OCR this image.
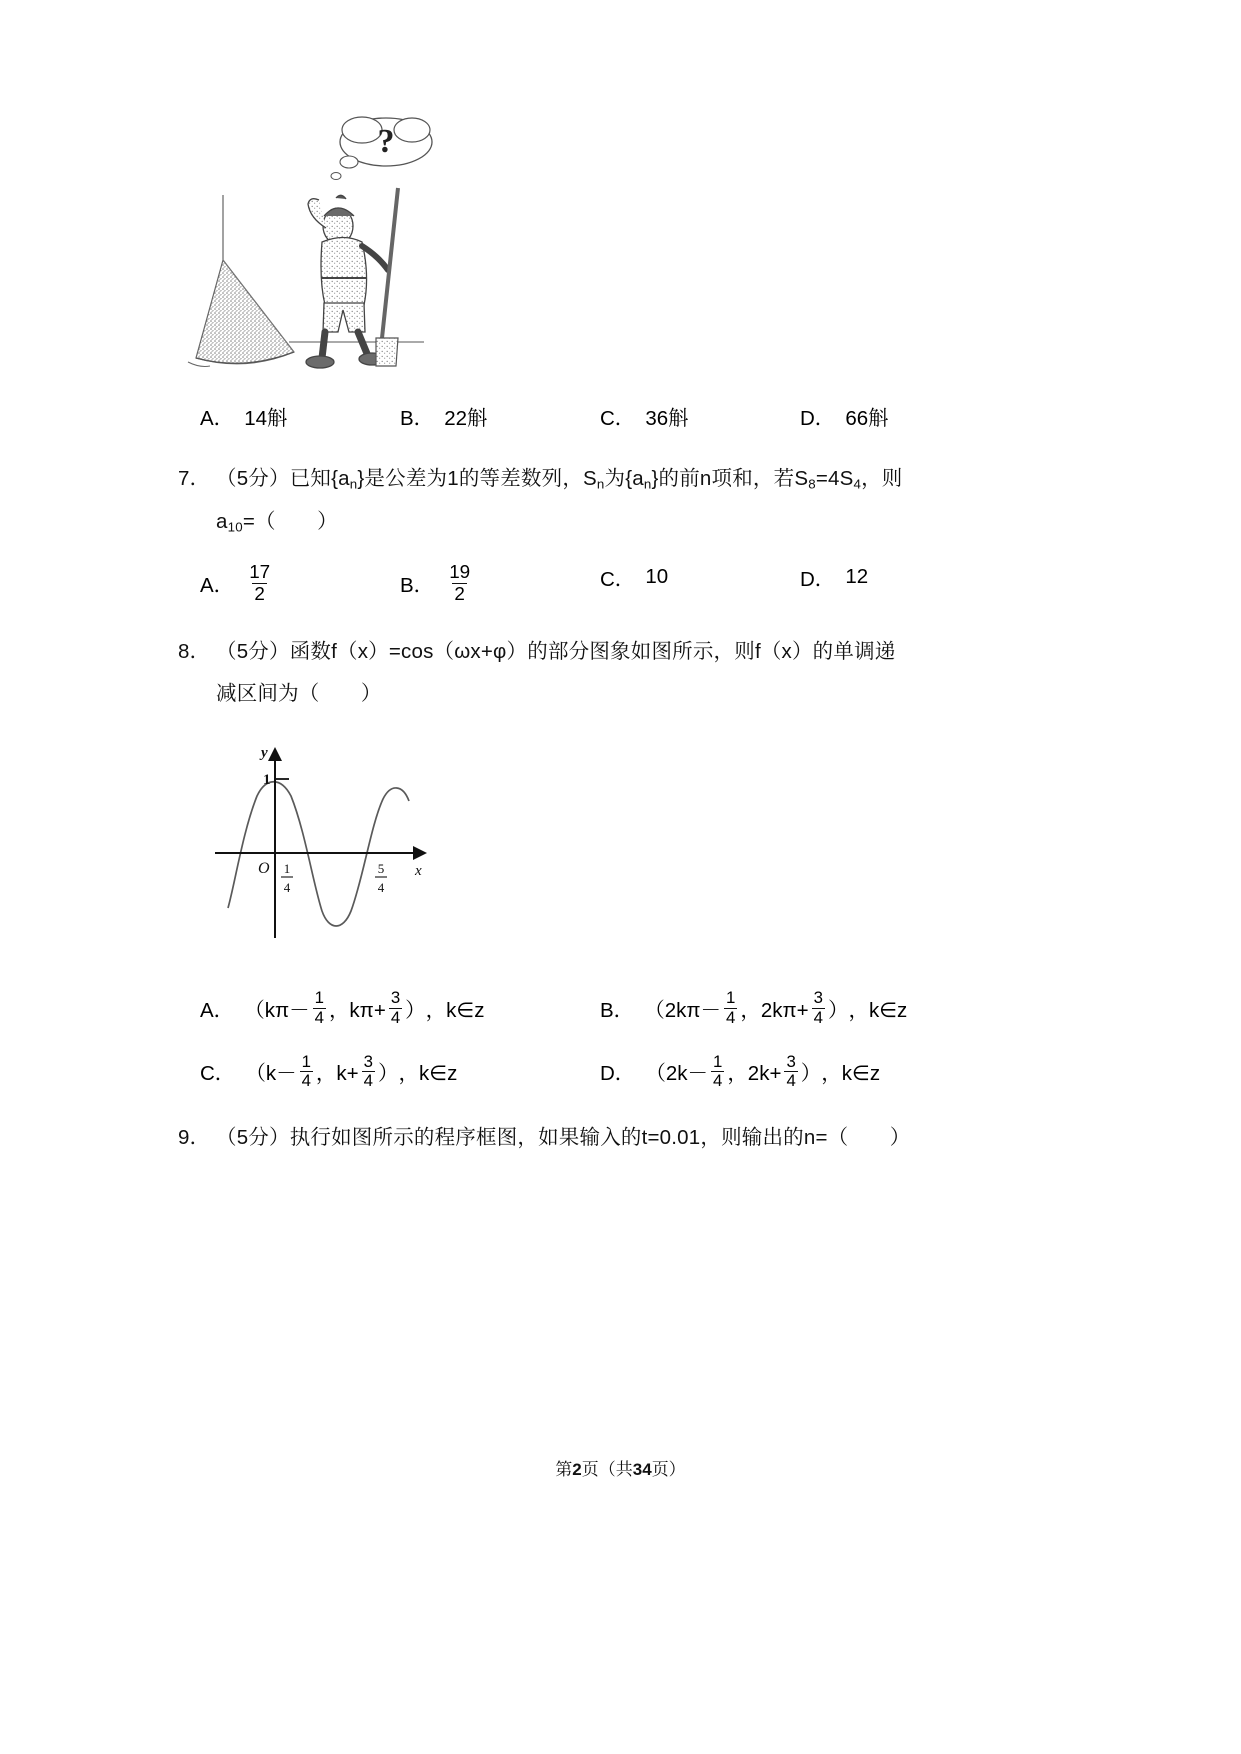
?
A． 14斛	B． 22斛	C． 36斛	D． 66斛
7． （5分）已知$\{a_n\}$是公差为1的等差数列，$S_n$为$\{a_n\}$的前n项和，若$S_8=4S_4$，则
$a_{10}=$（　　）
A． $\frac{17}{2}$	B． $\frac{19}{2}$	C． 10	D． 12
8． （5分）函数f（x）=cos（ωx+φ）的部分图象如图所示，则f（x）的单调递
减区间为（　　）
y
1
O	x
1
4
5
4
A． （ $k\pi- \frac{1}{4}$ ，$k\pi+ \frac{3}{4}$ ） ，k∈z	B． （ $2k\pi- \frac{1}{4}$ ，$2k\pi+ \frac{3}{4}$ ） ，k∈z
C． （ $k- \frac{1}{4}$ ，$k+ \frac{3}{4}$ ） ，k∈z	D． （ $2k- \frac{1}{4}$ ，$2k+ \frac{3}{4}$ ） ，k∈z
9． （5分）执行如图所示的程序框图，如果输入的t=0.01，则输出的n=（　　）
第2页（共34页）
